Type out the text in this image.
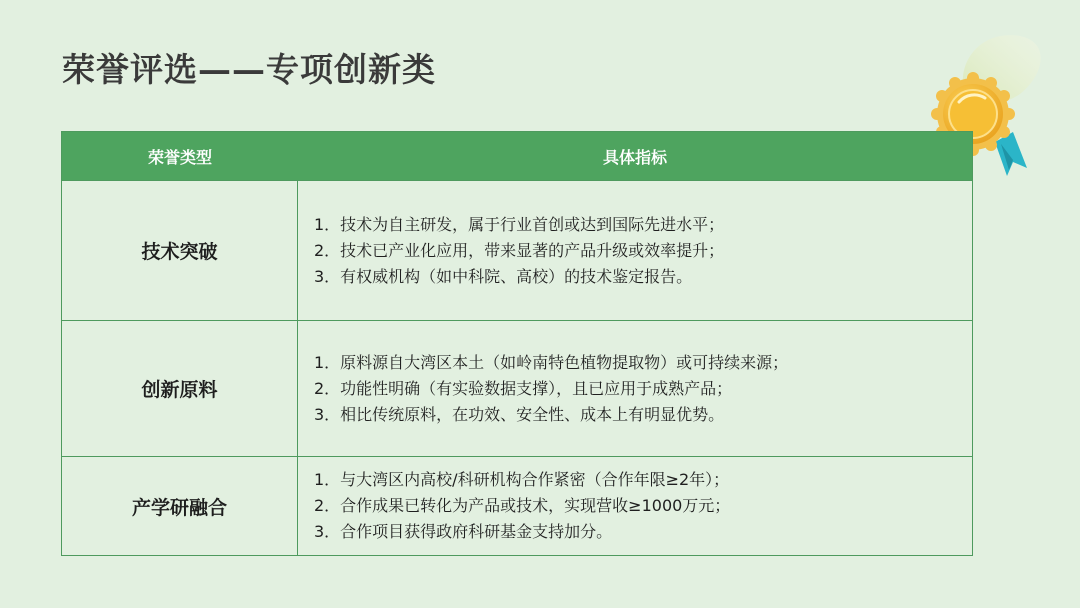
荣誉评选——专项创新类
荣誉类型	具体指标
技术突破
1．技术为自主研发，属于行业首创或达到国际先进水平；
2．技术已产业化应用，带来显著的产品升级或效率提升；
3．有权威机构（如中科院、高校）的技术鉴定报告。
创新原料
1．原料源自大湾区本土（如岭南特色植物提取物）或可持续来源；
2．功能性明确（有实验数据支撑），且已应用于成熟产品；
3．相比传统原料，在功效、安全性、成本上有明显优势。
产学研融合
1．与大湾区内高校/科研机构合作紧密（合作年限≥2年）；
2．合作成果已转化为产品或技术，实现营收≥1000万元；
3．合作项目获得政府科研基金支持加分。
